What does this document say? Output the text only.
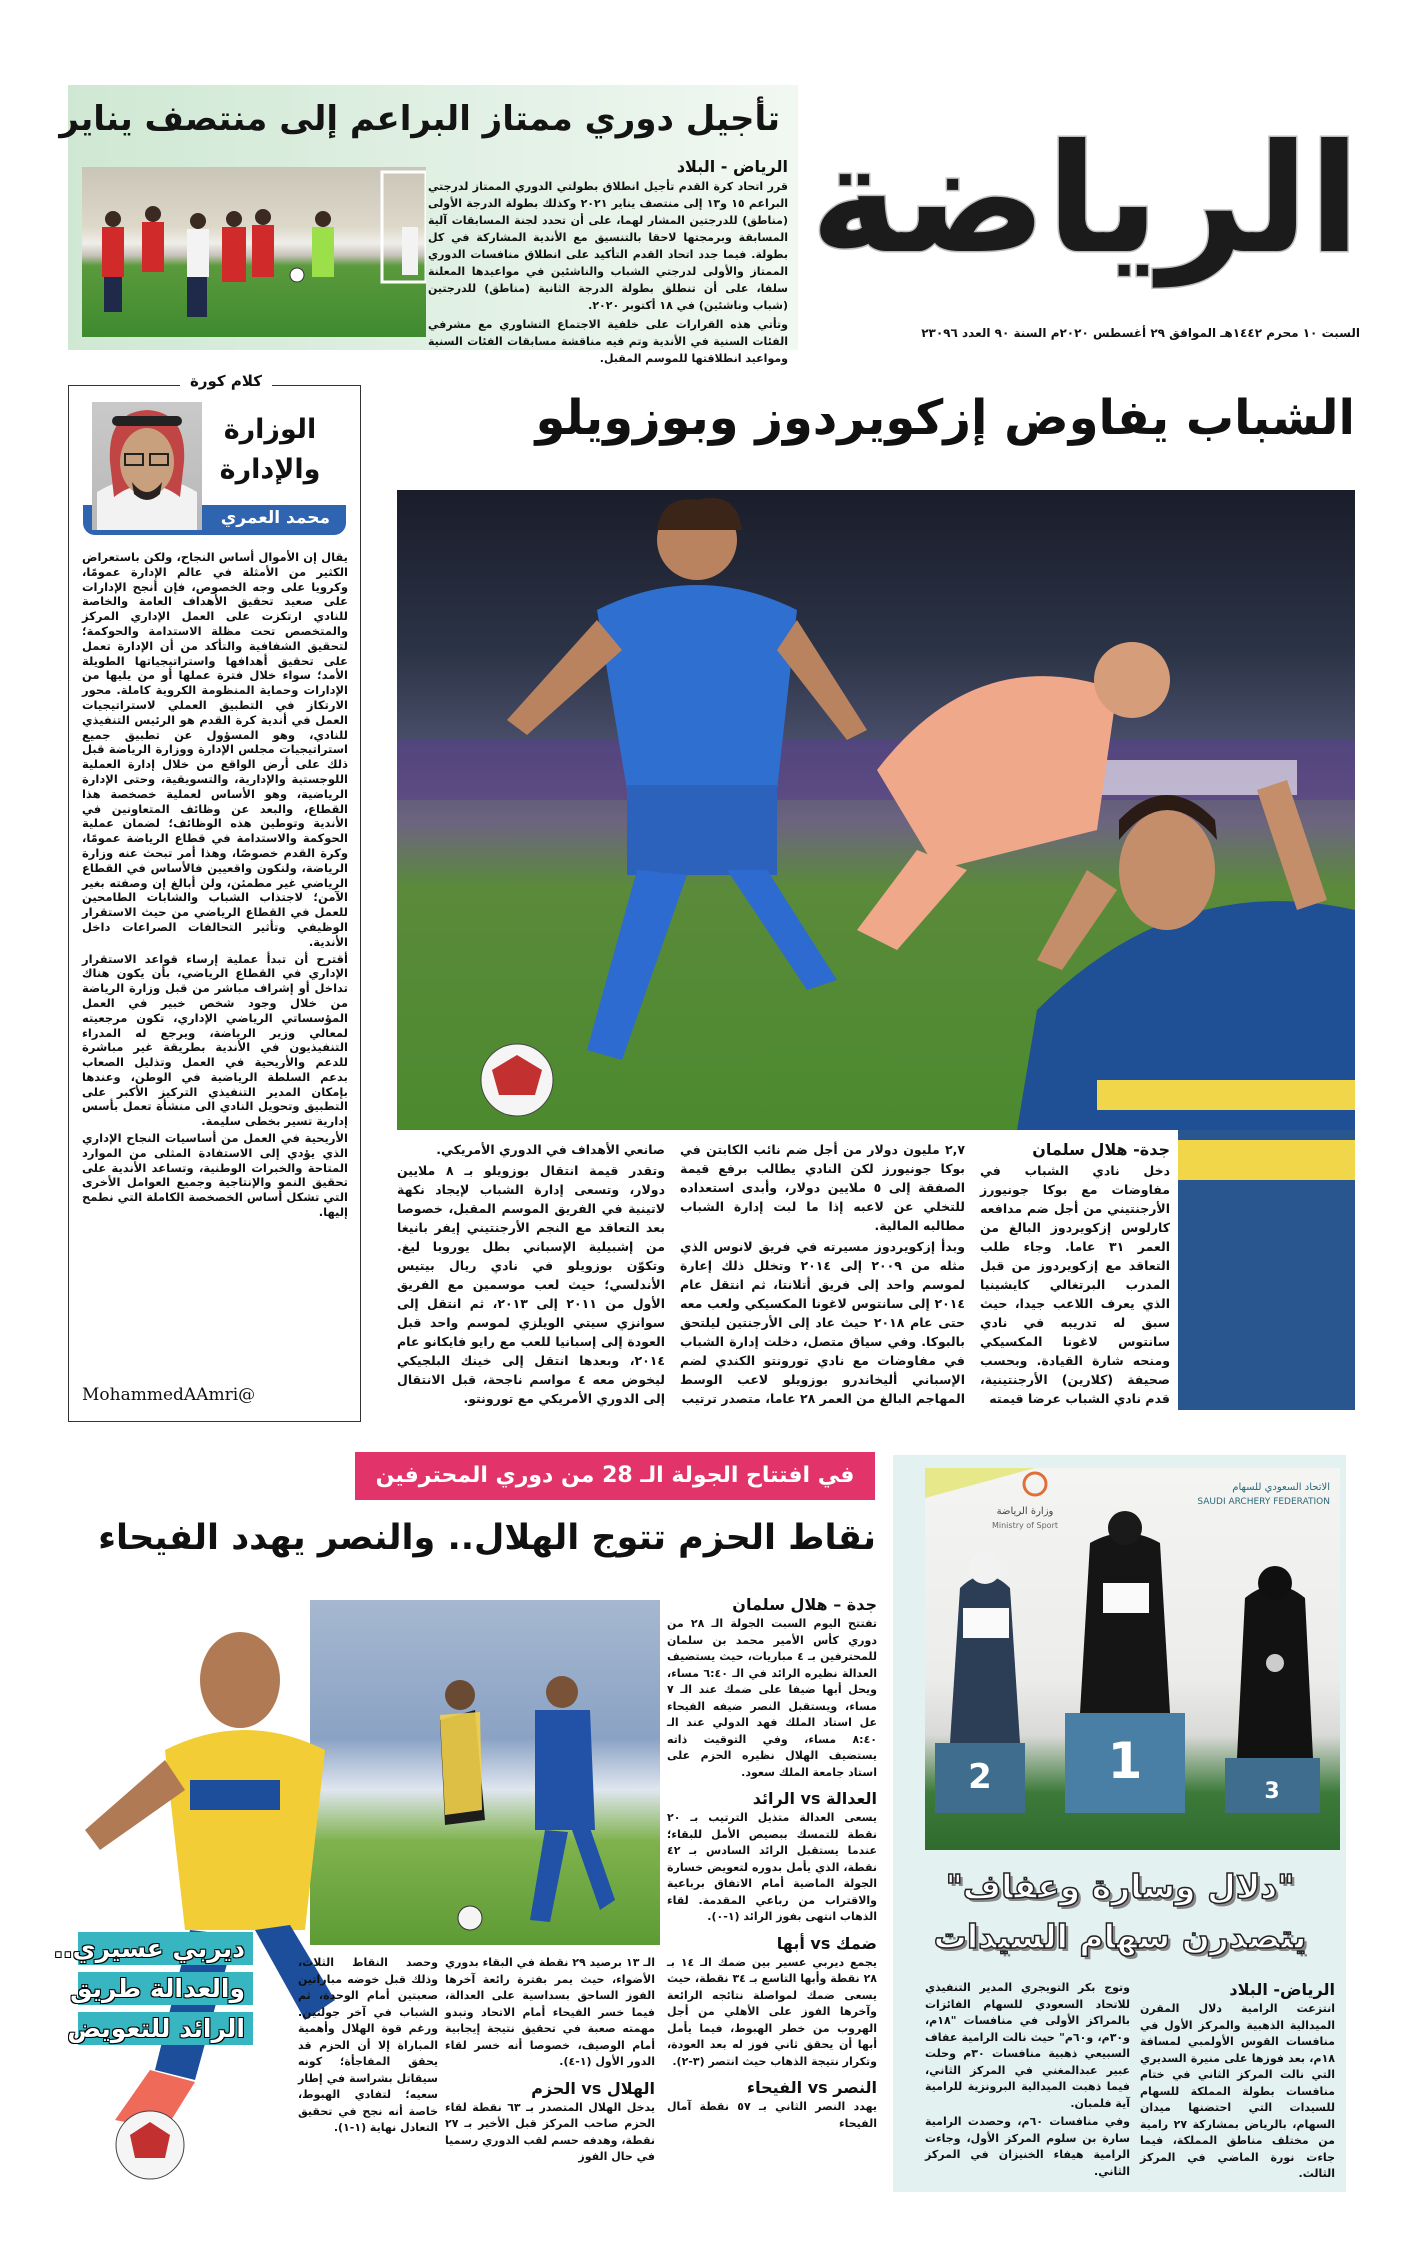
الرياضة
السبت ١٠ محرم ١٤٤٢هـ الموافق ٢٩ أغسطس ٢٠٢٠م السنة ٩٠ العدد ٢٣٠٩٦
تأجيل دوري ممتاز البراعم إلى منتصف يناير
الرياض - البلاد

قرر اتحاد كرة القدم تأجيل انطلاق بطولتي الدوري الممتاز لدرجتي البراعم ١٥ و١٣ إلى منتصف يناير ٢٠٢١ وكذلك بطولة الدرجة الأولى (مناطق) للدرجتين المشار لهما، على أن تحدد لجنة المسابقات آلية المسابقة وبرمجتها لاحقا بالتنسيق مع الأندية المشاركة في كل بطولة. فيما جدد اتحاد القدم التأكيد على انطلاق منافسات الدوري الممتاز والأولى لدرجتي الشباب والناشئين في مواعيدها المعلنة سلفا، على أن تنطلق بطولة الدرجة الثانية (مناطق) للدرجتين (شباب وناشئين) في ١٨ أكتوبر ٢٠٢٠.

وتأتي هذه القرارات على خلفية الاجتماع التشاوري مع مشرفي الفئات السنية في الأندية وتم فيه مناقشة مسابقات الفئات السنية ومواعيد انطلاقتها للموسم المقبل.

كلام كورة
الوزارة
والإدارة
محمد العمري

يقال إن الأموال أساس النجاح، ولكن باستعراض الكثير من الأمثلة في عالم الإدارة عمومًا، وكرويا على وجه الخصوص، فإن أنجح الإدارات على صعيد تحقيق الأهداف العامة والخاصة للنادي ارتكزت على العمل الإداري المركز والمتخصص تحت مظلة الاستدامة والحوكمة؛ لتحقيق الشفافية والتأكد من أن الإدارة تعمل على تحقيق أهدافها واستراتيجياتها الطويلة الأمد؛ سواء خلال فترة عملها أو من يليها من الإدارات وحماية المنظومة الكروية كاملة. محور الارتكاز في التطبيق العملي لاستراتيجيات العمل في أندية كرة القدم هو الرئيس التنفيذي للنادي، وهو المسؤول عن تطبيق جميع استراتيجيات مجلس الإدارة ووزارة الرياضة قبل ذلك على أرض الواقع من خلال إدارة العملية اللوجستية والإدارية، والتسويقية، وحتى الإدارة الرياضية، وهو الأساس لعملية خصخصة هذا القطاع، والبعد عن وظائف المتعاونين في الأندية وتوطين هذه الوظائف؛ لضمان عملية الحوكمة والاستدامة في قطاع الرياضة عمومًا، وكرة القدم خصوصًا، وهذا أمر تبحث عنه وزارة الرياضة، ولنكون واقعيين فالأساس في القطاع الرياضي غير مطمئن، ولن أبالغ إن وصفته بغير الآمن؛ لاجتذاب الشباب والشابات الطامحين للعمل في القطاع الرياضي من حيث الاستقرار الوظيفي وتأثير التحالفات الصراعات داخل الأندية.

أقترح أن تبدأ عملية إرساء قواعد الاستقرار الإداري في القطاع الرياضي، بأن يكون هناك تداخل أو إشراف مباشر من قبل وزارة الرياضة من خلال وجود شخص خبير في العمل المؤسساتي الرياضي الإداري، تكون مرجعيته لمعالي وزير الرياضة، ويرجع له المدراء التنفيذيون في الأندية بطريقة غير مباشرة للدعم والأريحية في العمل وتذليل الصعاب بدعم السلطة الرياضية في الوطن، وعندها بإمكان المدير التنفيذي التركيز الأكبر على التطبيق وتحويل النادي الى منشأة تعمل بأسس إدارية تسير بخطى سليمة.

الأريحية في العمل من أساسيات النجاح الإداري الذي يؤدي إلى الاستفادة المثلى من الموارد المتاحة والخبرات الوطنية، وتساعد الأندية على تحقيق النمو والإنتاجية وجميع العوامل الأخرى التي تشكل أساس الخصخصة الكاملة التي نطمح إليها.

MohammedAAmri@
الشباب يفاوض إزكويردوز وبوزويلو
جدة- هلال سلمان
دخل نادي الشباب في مفاوضات مع بوكا جونيورز الأرجنتيني من أجل ضم مدافعه كارلوس إزكويردوز البالغ من العمر ٣١ عاما. وجاء طلب التعاقد مع إزكويردوز من قبل المدرب البرتغالي كايشينيا الذي يعرف اللاعب جيدا، حيث سبق له تدريبه في نادي سانتوس لاغونا المكسيكي ومنحه شارة القيادة. وبحسب صحيفة (كلارين) الأرجنتينية، قدم نادي الشباب عرضا قيمته

٢,٧ مليون دولار من أجل ضم نائب الكابتن في بوكا جونيورز لكن النادي يطالب برفع قيمة الصفقة إلى ٥ ملايين دولار، وأبدى استعداده للتخلي عن لاعبه إذا ما لبت إدارة الشباب مطالبه المالية.

وبدأ إزكويردوز مسيرته في فريق لانوس الذي مثله من ٢٠٠٩ إلى ٢٠١٤ وتخلل ذلك إعارة لموسم واحد إلى فريق أتلانتا، ثم انتقل عام ٢٠١٤ إلى سانتوس لاغونا المكسيكي ولعب معه حتى عام ٢٠١٨ حيث عاد إلى الأرجنتين ليلتحق بالبوكا. وفي سياق متصل، دخلت إدارة الشباب في مفاوضات مع نادي تورونتو الكندي لضم الإسباني أليخاندرو بوزويلو لاعب الوسط المهاجم البالغ من العمر ٢٨ عاما، متصدر ترتيب

صانعي الأهداف في الدوري الأمريكي.

وتقدر قيمة انتقال بوزويلو بـ ٨ ملايين دولار، وتسعى إدارة الشباب لإيجاد نكهة لاتينية في الفريق الموسم المقبل، خصوصا بعد التعاقد مع النجم الأرجنتيني إيفر بانيغا من إشبيلية الإسباني بطل يوروبا ليغ. وتكوّن بوزويلو في نادي ريال بيتيس الأندلسي؛ حيث لعب موسمين مع الفريق الأول من ٢٠١١ إلى ٢٠١٣، ثم انتقل إلى سوانزي سيتي الويلزي لموسم واحد قبل العودة إلى إسبانيا للعب مع رايو فايكانو عام ٢٠١٤، وبعدها انتقل إلى خينك البلجيكي ليخوض معه ٤ مواسم ناجحة، قبل الانتقال إلى الدوري الأمريكي مع تورونتو.

في افتتاح الجولة الـ 28 من دوري المحترفين
نقاط الحزم تتوج الهلال.. والنصر يهدد الفيحاء
ديربي عسيري..
والعدالة طريق
الرائد للتعويض
جدة – هلال سلمان
تفتتح اليوم السبت الجولة الـ ٢٨ من دوري كأس الأمير محمد بن سلمان للمحترفين بـ ٤ مباريات، حيث يستضيف العدالة نظيره الرائد في الـ ٦:٤٠ مساء، ويحل أبها ضيفا على ضمك عند الـ ٧ مساء، ويستقبل النصر ضيفه الفيحاء عل استاد الملك فهد الدولي عند الـ ٨:٤٠ مساء، وفي التوقيت ذاته يستضيف الهلال نظيره الحزم على استاد جامعة الملك سعود.
العدالة vs الرائد
يسعى العدالة متذيل الترتيب بـ ٢٠ نقطة للتمسك ببصيص الأمل للبقاء؛ عندما يستقبل الرائد السادس بـ ٤٢ نقطة، الذي يأمل بدوره لتعويض خسارة الجولة الماضية أمام الاتفاق برباعية والاقتراب من رباعي المقدمة. لقاء الذهاب انتهى بفوز الرائد (١-٠).
ضمك vs أبها
يجمع ديربي عسير بين ضمك الـ ١٤ بـ ٢٨ نقطة وأبها التاسع بـ ٣٤ نقطة، حيث يسعى ضمك لمواصلة نتائجه الرائعة وآخرها الفوز على الأهلي من أجل الهروب من خطر الهبوط، فيما يأمل أبها أن يحقق ثاني فوز له بعد العودة، وتكرار نتيجة الذهاب حيث انتصر (٣-٢).
النصر vs الفيحاء
يهدد النصر الثاني بـ ٥٧ نقطة آمال الفيحاء
الـ ١٣ برصيد ٢٩ نقطة في البقاء بدوري الأضواء، حيث يمر بفترة رائعة آخرها الفوز الساحق بسداسية على العدالة، فيما خسر الفيحاء أمام الاتحاد وتبدو مهمته صعبة في تحقيق نتيجة إيجابية أمام الوصيف، خصوصا أنه خسر لقاء الدور الأول (١-٤).
الهلال vs الحزم
يدخل الهلال المتصدر بـ ٦٣ نقطة لقاء الحزم صاحب المركز قبل الأخير بـ ٢٧ نقطة، وهدفه حسم لقب الدوري رسميا في حال الفوز
وحصد النقاط الثلاث، وذلك قبل خوضه مباراتين صعبتين أمام الوحدة، ثم الشباب في آخر جولتين. ورغم قوة الهلال وأهمية المباراة إلا أن الحزم قد يحقق المفاجأة؛ كونه سيقاتل بشراسة في إطار سعيه؛ لتفادي الهبوط، خاصة أنه نجح في تحقيق التعادل نهاية (١-١).
الاتحاد السعودي للسهام
SAUDI ARCHERY FEDERATION
وزارة الرياضة
Ministry of Sport
2 1
3
"دلال وسارة وعفاف"
يتصدرن سهام السيدات
الرياض- البلاد
انتزعت الرامية دلال المقرن الميدالية الذهبية والمركز الأول في منافسات القوس الأولمبي لمسافة ١٨م، بعد فوزها على منيرة السديري التي نالت المركز الثاني في ختام منافسات بطولة المملكة للسهام للسيدات التي احتضنها ميدان السهام، بالرياض بمشاركة ٢٧ رامية من مختلف مناطق المملكة، فيما جاءت نورة الماضي في المركز الثالث.

وتوج بكر التويجري المدير التنفيذي للاتحاد السعودي للسهام الفائزات بالمراكز الأولى في منافسات "١٨م، و٣٠م، و٦٠م" حيث نالت الرامية عفاف السبيعي ذهبية منافسات ٣٠م وحلت عبير عبدالمغني في المركز الثاني، فيما ذهبت الميدالية البرونزية للرامية آية فلمبان.

وفي منافسات ٦٠م، وحصدت الرامية سارة بن سلوم المركز الأول، وجاءت الرامية هيفاء الخنيزان في المركز الثاني.
